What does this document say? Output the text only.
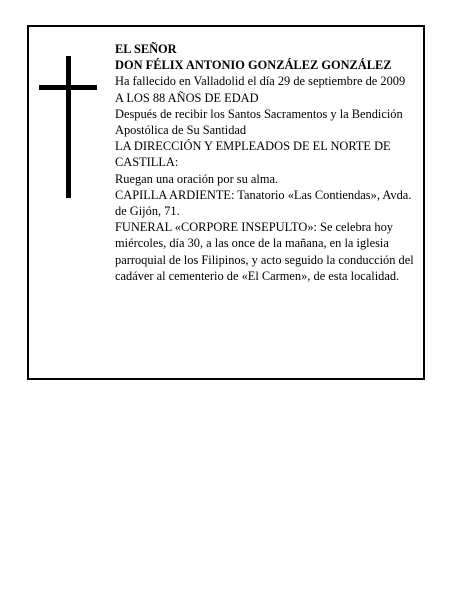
EL SEÑOR

DON FÉLIX ANTONIO GONZÁLEZ GONZÁLEZ

Ha fallecido en Valladolid el día 29 de septiembre de 2009

A LOS 88 AÑOS DE EDAD

Después de recibir los Santos Sacramentos y la Bendición Apostólica de Su Santidad

LA DIRECCIÓN Y EMPLEADOS DE EL NORTE DE CASTILLA:

Ruegan una oración por su alma.

CAPILLA ARDIENTE: Tanatorio «Las Contiendas», Avda. de Gijón, 71.

FUNERAL «CORPORE INSEPULTO»: Se celebra hoy miércoles, día 30, a las once de la mañana, en la iglesia parroquial de los Filipinos, y acto seguido la conducción del cadáver al cementerio de «El Carmen», de esta localidad.
